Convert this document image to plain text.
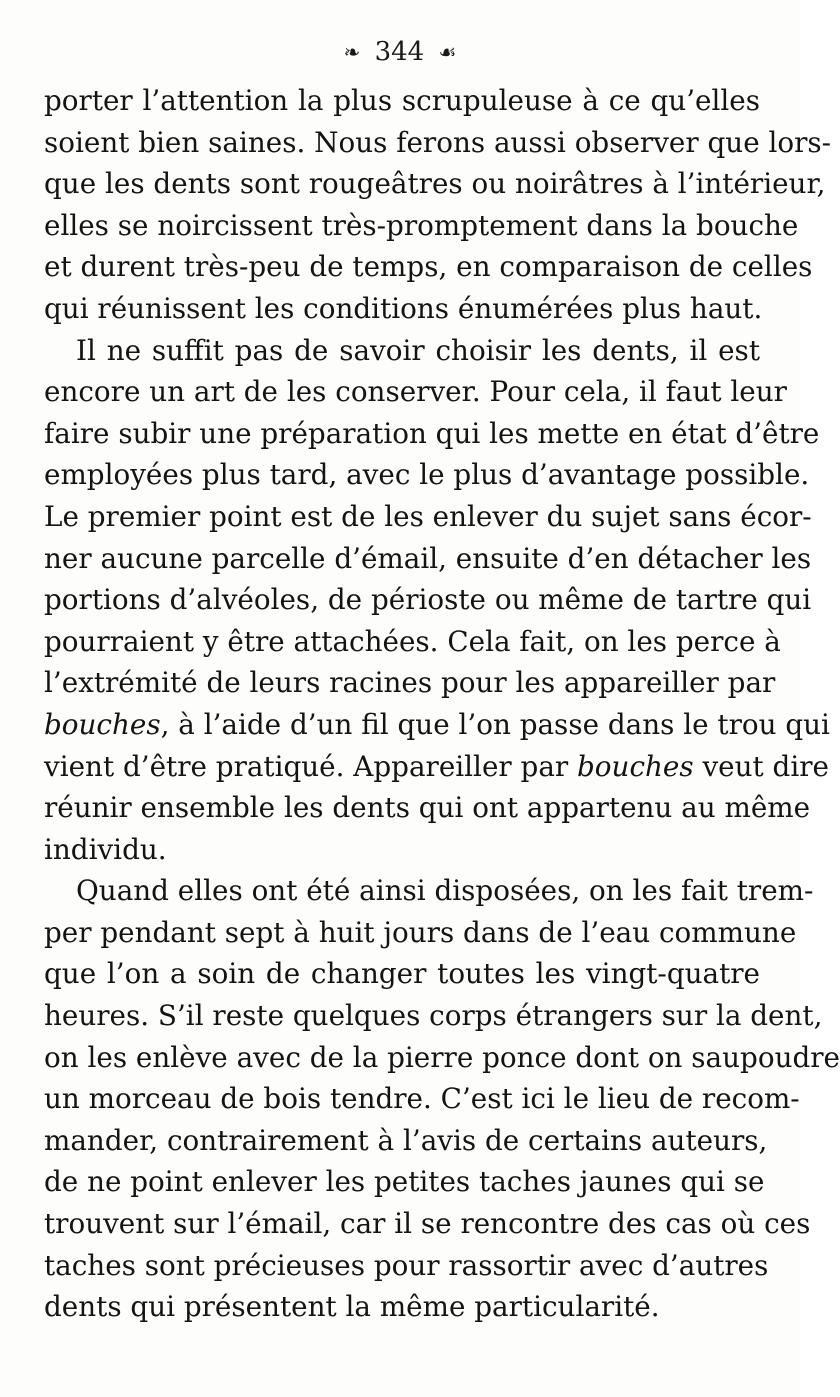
❧ 344 ☙
porter l’attention la plus scrupuleuse à ce qu’elles
soient bien saines. Nous ferons aussi observer que lors-
que les dents sont rougeâtres ou noirâtres à l’intérieur,
elles se noircissent très-promptement dans la bouche
et durent très-peu de temps, en comparaison de celles
qui réunissent les conditions énumérées plus haut.
Il ne suffit pas de savoir choisir les dents, il est
encore un art de les conserver. Pour cela, il faut leur
faire subir une préparation qui les mette en état d’être
employées plus tard, avec le plus d’avantage possible.
Le premier point est de les enlever du sujet sans écor-
ner aucune parcelle d’émail, ensuite d’en détacher les
portions d’alvéoles, de périoste ou même de tartre qui
pourraient y être attachées. Cela fait, on les perce à
l’extrémité de leurs racines pour les appareiller par
bouches, à l’aide d’un fil que l’on passe dans le trou qui
vient d’être pratiqué. Appareiller par bouches veut dire
réunir ensemble les dents qui ont appartenu au même
individu.
Quand elles ont été ainsi disposées, on les fait trem-
per pendant sept à huit jours dans de l’eau commune
que l’on a soin de changer toutes les vingt-quatre
heures. S’il reste quelques corps étrangers sur la dent,
on les enlève avec de la pierre ponce dont on saupoudre
un morceau de bois tendre. C’est ici le lieu de recom-
mander, contrairement à l’avis de certains auteurs,
de ne point enlever les petites taches jaunes qui se
trouvent sur l’émail, car il se rencontre des cas où ces
taches sont précieuses pour rassortir avec d’autres
dents qui présentent la même particularité.
